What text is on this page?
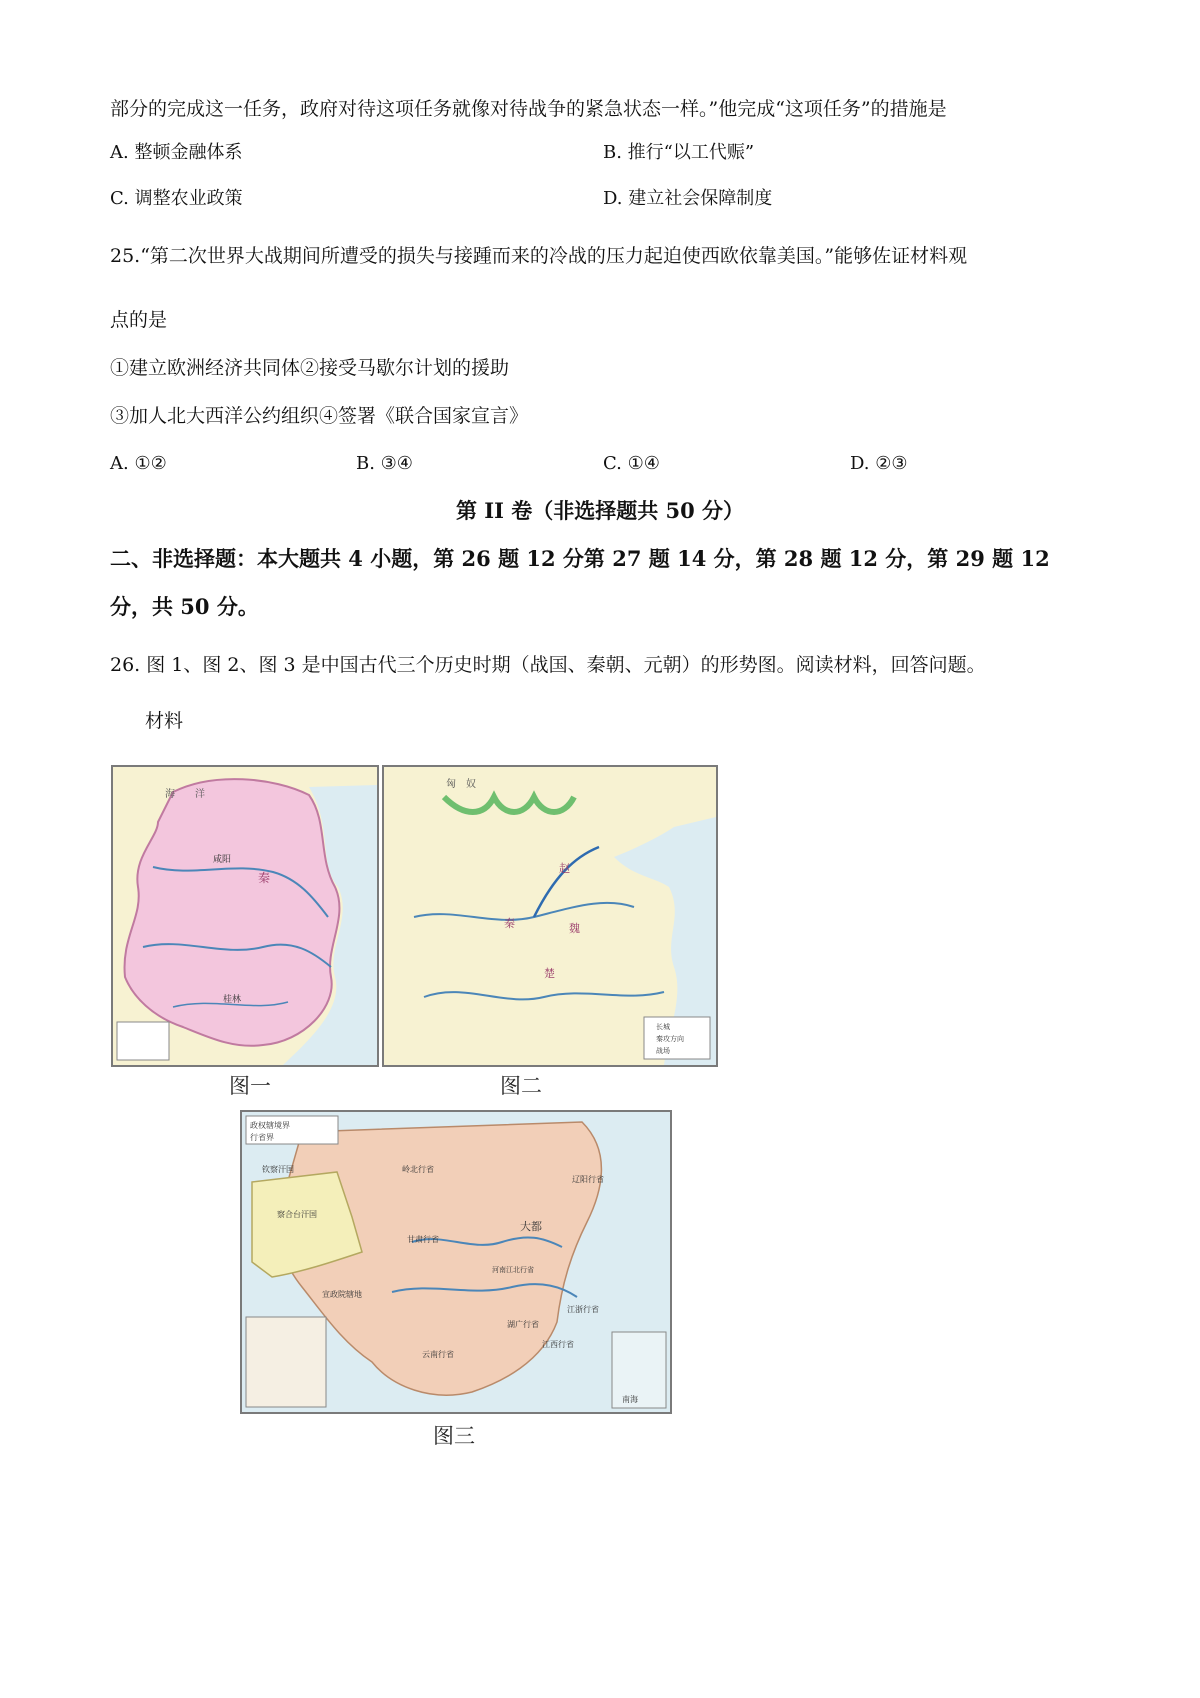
部分的完成这一任务，政府对待这项任务就像对待战争的紧急状态一样。”他完成“这项任务”的措施是
A. 整顿金融体系	B. 推行“以工代赈”
C. 调整农业政策	D. 建立社会保障制度
25.“第二次世界大战期间所遭受的损失与接踵而来的冷战的压力起迫使西欧依靠美国。”能够佐证材料观
点的是
①建立欧洲经济共同体②接受马歇尔计划的援助
③加人北大西洋公约组织④签署《联合国家宣言》
A. ①②	B. ③④	C. ①④	D. ②③
第 II 卷（非选择题共 50 分）
二、非选择题：本大题共 4 小题，第 26 题 12 分第 27 题 14 分，第 28 题 12 分，第 29 题 12
分，共 50 分。
26. 图 1、图 2、图 3 是中国古代三个历史时期（战国、秦朝、元朝）的形势图。阅读材料，回答问题。
材料
海　　洋
咸阳
秦
桂林
图一
匈　奴
赵
秦	魏
楚
长城
秦攻方向
战场
图二
政权辖境界
行省界
钦察汗国	岭北行省
察合台汗国
甘肃行省
大都
辽阳行省
宣政院辖地
河南江北行省
江浙行省
湖广行省
云南行省
江西行省
南海
图三
